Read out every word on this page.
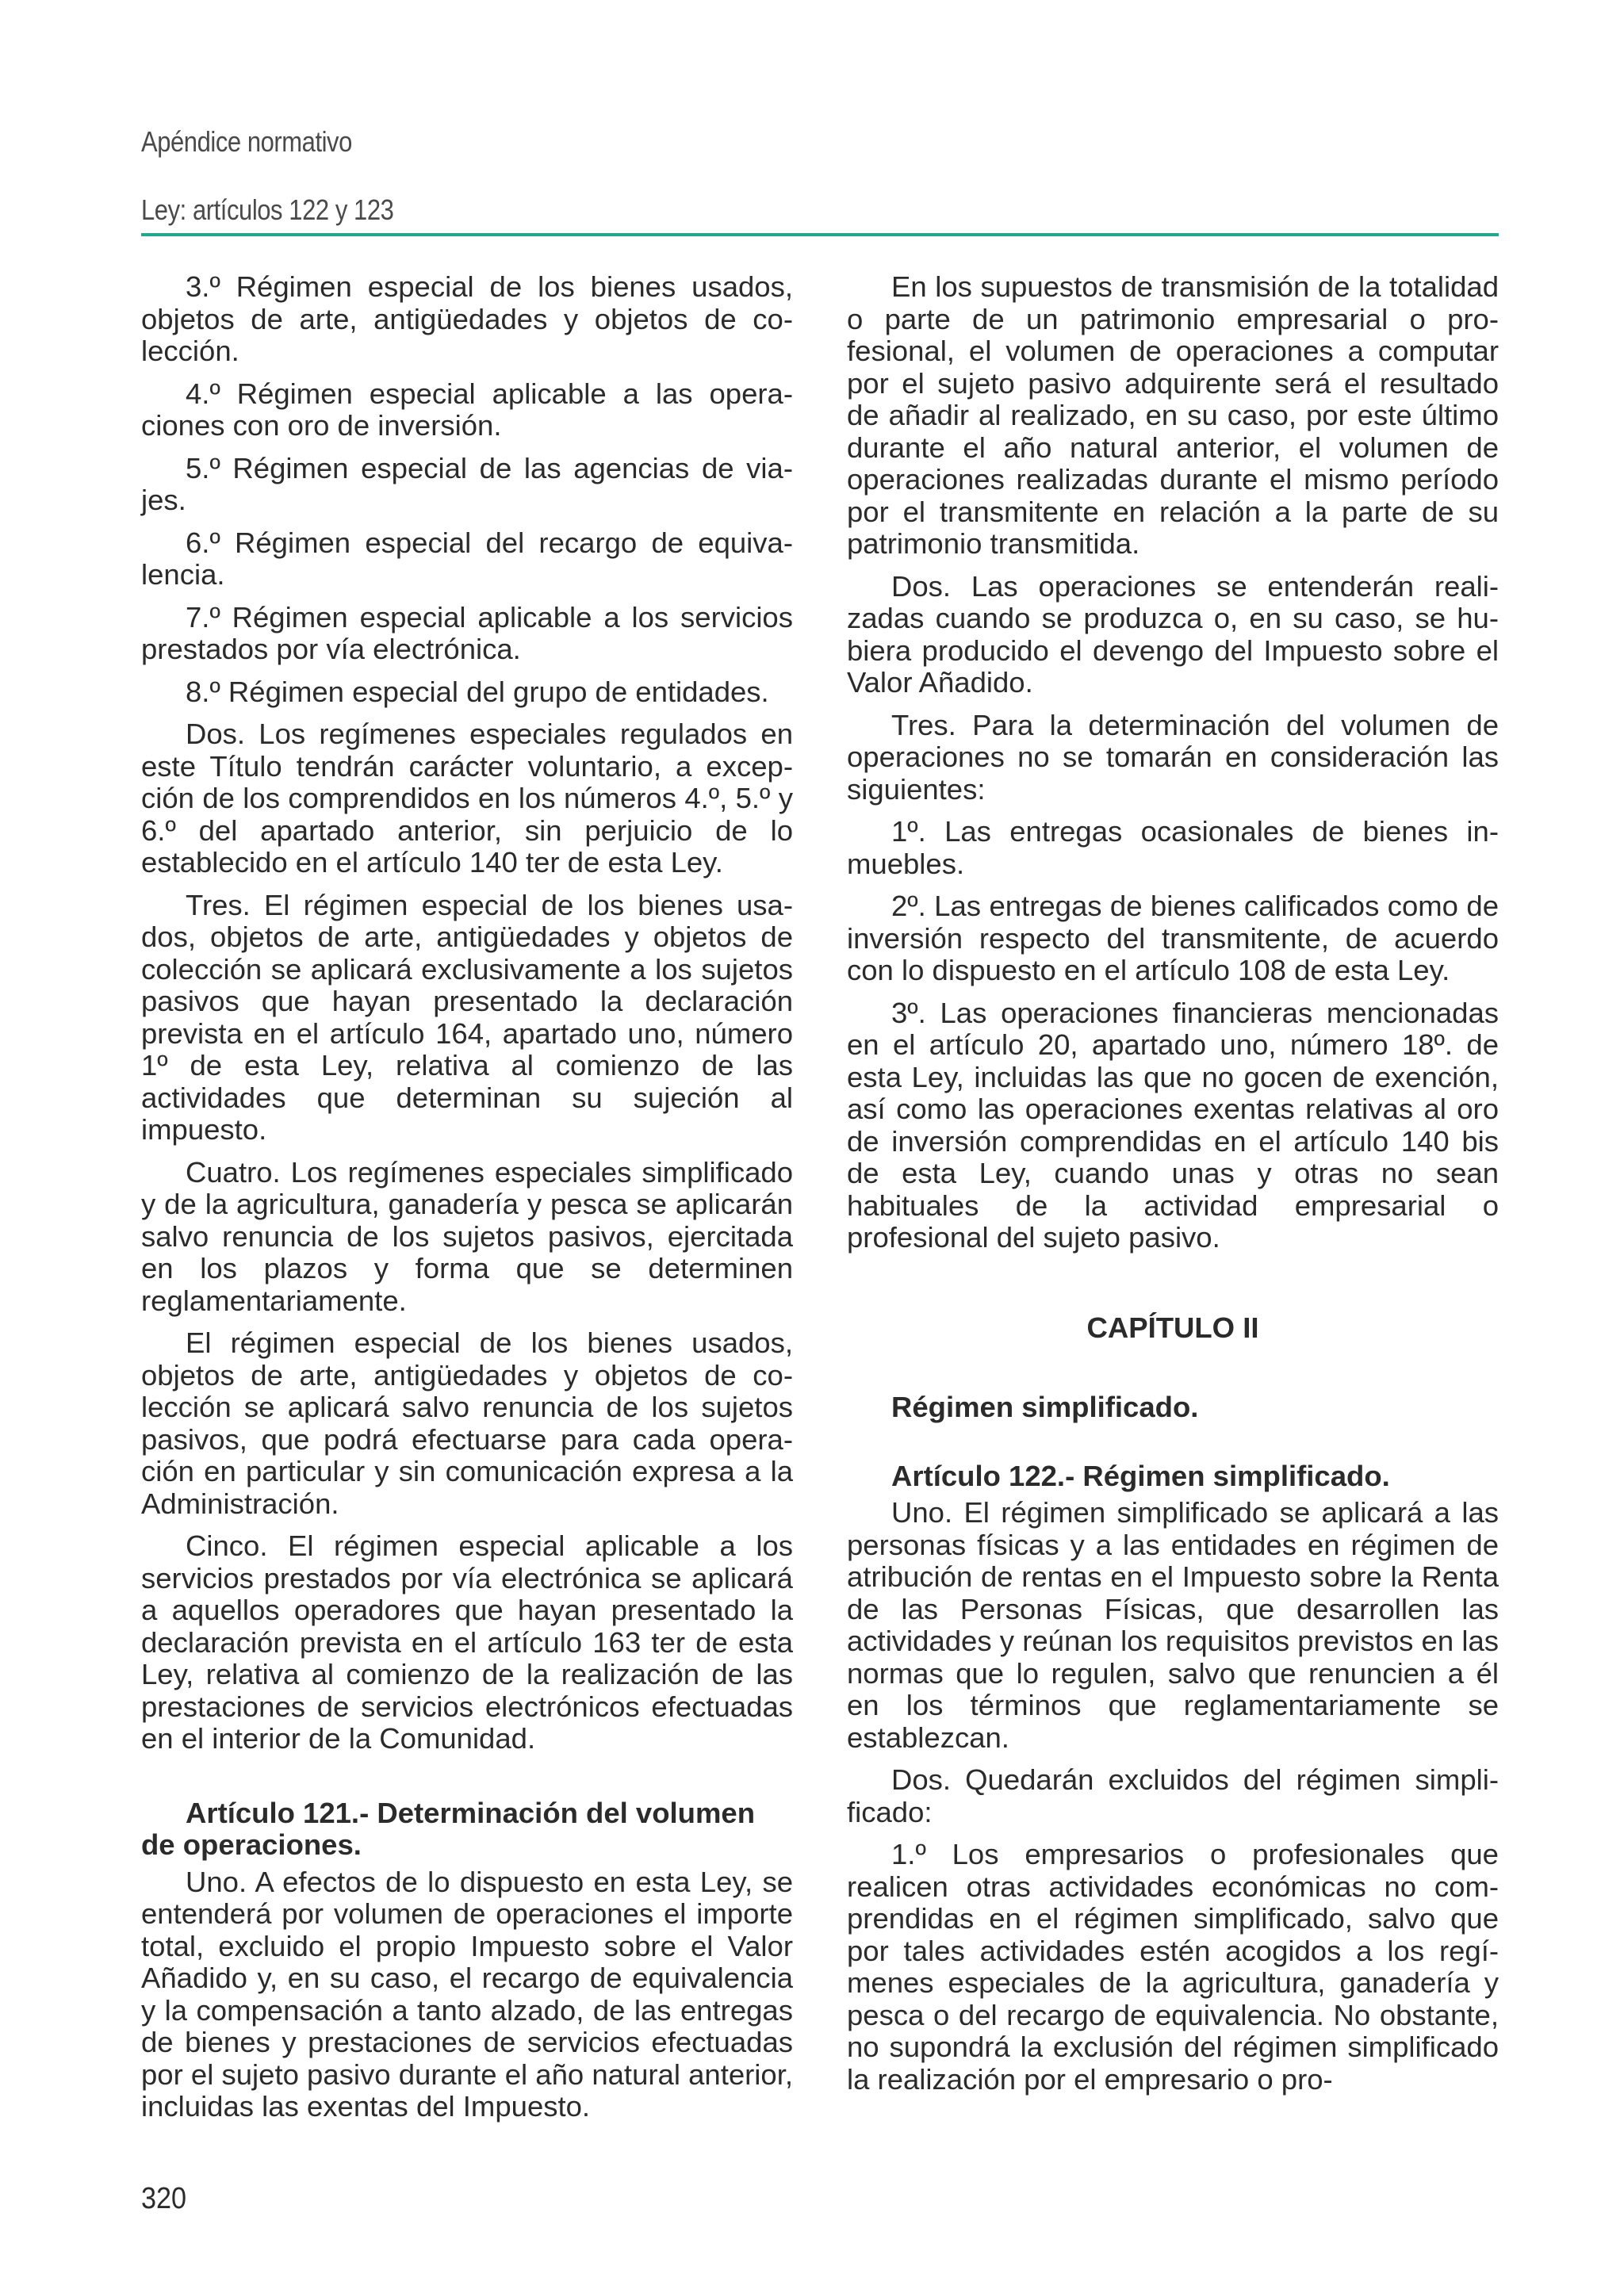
Apéndice normativo
Ley: artículos 122 y 123

3.º Régimen especial de los bienes usados, objetos de arte, antigüedades y objetos de colección.

4.º Régimen especial aplicable a las operaciones con oro de inversión.

5.º Régimen especial de las agencias de viajes.

6.º Régimen especial del recargo de equivalencia.

7.º Régimen especial aplicable a los servicios prestados por vía electrónica.

8.º Régimen especial del grupo de entidades.

Dos. Los regímenes especiales regulados en este Título tendrán carácter voluntario, a excepción de los comprendidos en los números 4.º, 5.º y 6.º del apartado anterior, sin perjuicio de lo establecido en el artículo 140 ter de esta Ley.

Tres. El régimen especial de los bienes usados, objetos de arte, antigüedades y objetos de colección se aplicará exclusivamente a los sujetos pasivos que hayan presentado la declaración prevista en el artículo 164, apartado uno, número 1º de esta Ley, relativa al comienzo de las actividades que determinan su sujeción al impuesto.

Cuatro. Los regímenes especiales simplificado y de la agricultura, ganadería y pesca se aplicarán salvo renuncia de los sujetos pasivos, ejercitada en los plazos y forma que se determinen reglamentariamente.

El régimen especial de los bienes usados, objetos de arte, antigüedades y objetos de colección se aplicará salvo renuncia de los sujetos pasivos, que podrá efectuarse para cada operación en particular y sin comunicación expresa a la Administración.

Cinco. El régimen especial aplicable a los servicios prestados por vía electrónica se aplicará a aquellos operadores que hayan presentado la declaración prevista en el artículo 163 ter de esta Ley, relativa al comienzo de la realización de las prestaciones de servicios electrónicos efectuadas en el interior de la Comunidad.

Artículo 121.- Determinación del volumen de operaciones.

Uno. A efectos de lo dispuesto en esta Ley, se entenderá por volumen de operaciones el importe total, excluido el propio Impuesto sobre el Valor Añadido y, en su caso, el recargo de equivalencia y la compensación a tanto alzado, de las entregas de bienes y prestaciones de servicios efectuadas por el sujeto pasivo durante el año natural anterior, incluidas las exentas del Impuesto.

En los supuestos de transmisión de la totalidad o parte de un patrimonio empresarial o profesional, el volumen de operaciones a computar por el sujeto pasivo adquirente será el resultado de añadir al realizado, en su caso, por este último durante el año natural anterior, el volumen de operaciones realizadas durante el mismo período por el transmitente en relación a la parte de su patrimonio transmitida.

Dos. Las operaciones se entenderán realizadas cuando se produzca o, en su caso, se hubiera producido el devengo del Impuesto sobre el Valor Añadido.

Tres. Para la determinación del volumen de operaciones no se tomarán en consideración las siguientes:

1º. Las entregas ocasionales de bienes inmuebles.

2º. Las entregas de bienes calificados como de inversión respecto del transmitente, de acuerdo con lo dispuesto en el artículo 108 de esta Ley.

3º. Las operaciones financieras mencionadas en el artículo 20, apartado uno, número 18º. de esta Ley, incluidas las que no gocen de exención, así como las operaciones exentas relativas al oro de inversión comprendidas en el artículo 140 bis de esta Ley, cuando unas y otras no sean habituales de la actividad empresarial o profesional del sujeto pasivo.

CAPÍTULO II
Régimen simplificado.
Artículo 122.- Régimen simplificado.

Uno. El régimen simplificado se aplicará a las personas físicas y a las entidades en régimen de atribución de rentas en el Impuesto sobre la Renta de las Personas Físicas, que desarrollen las actividades y reúnan los requisitos previstos en las normas que lo regulen, salvo que renuncien a él en los términos que reglamentariamente se establezcan.

Dos. Quedarán excluidos del régimen simplificado:

1.º Los empresarios o profesionales que realicen otras actividades económicas no comprendidas en el régimen simplificado, salvo que por tales actividades estén acogidos a los regímenes especiales de la agricultura, ganadería y pesca o del recargo de equivalencia. No obstante, no supondrá la exclusión del régimen simplificado la realización por el empresario o pro-

320
